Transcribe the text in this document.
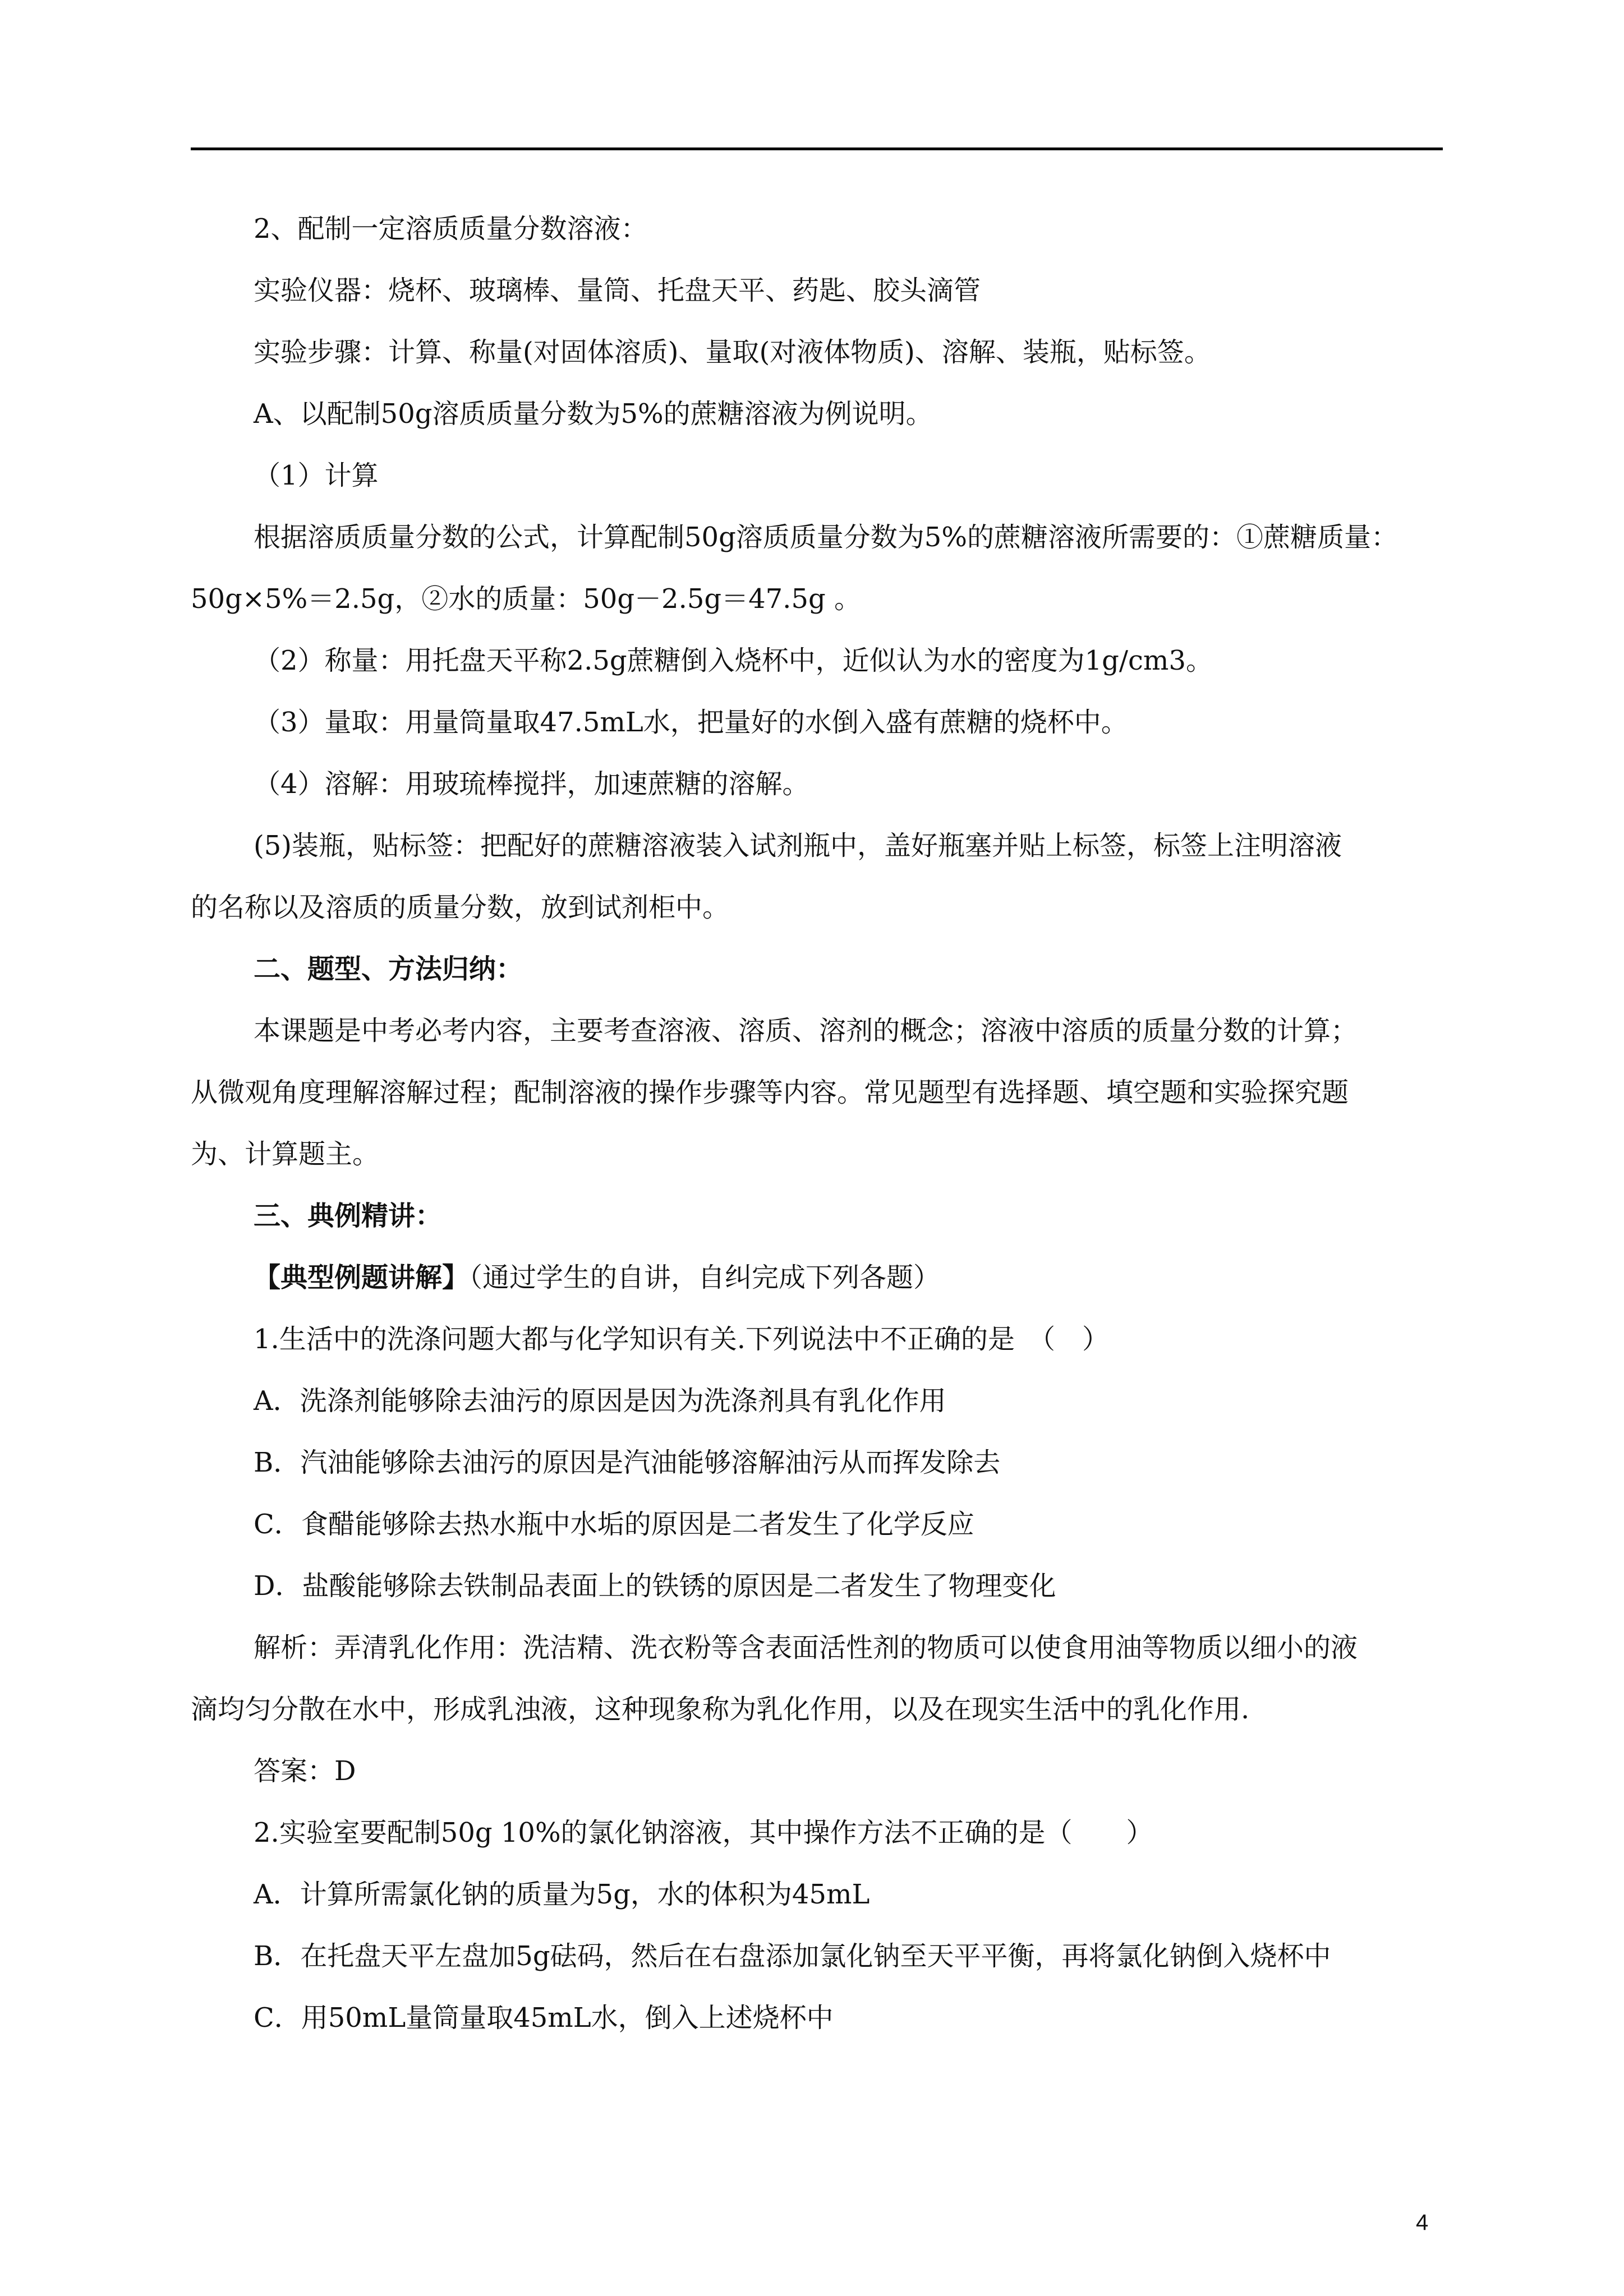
2、配制一定溶质质量分数溶液：
实验仪器：烧杯、玻璃棒、量筒、托盘天平、药匙、胶头滴管
实验步骤：计算、称量(对固体溶质)、量取(对液体物质)、溶解、装瓶，贴标签。
A、以配制50g溶质质量分数为5%的蔗糖溶液为例说明。
（1）计算
根据溶质质量分数的公式，计算配制50g溶质质量分数为5%的蔗糖溶液所需要的：①蔗糖质量：
50g×5%＝2.5g，②水的质量：50g－2.5g＝47.5g 。
（2）称量：用托盘天平称2.5g蔗糖倒入烧杯中，近似认为水的密度为1g/cm3。
（3）量取：用量筒量取47.5mL水，把量好的水倒入盛有蔗糖的烧杯中。
（4）溶解：用玻琉棒搅拌，加速蔗糖的溶解。
(5)装瓶，贴标签：把配好的蔗糖溶液装入试剂瓶中，盖好瓶塞并贴上标签，标签上注明溶液
的名称以及溶质的质量分数，放到试剂柜中。
二、题型、方法归纳：
本课题是中考必考内容，主要考查溶液、溶质、溶剂的概念；溶液中溶质的质量分数的计算；
从微观角度理解溶解过程；配制溶液的操作步骤等内容。常见题型有选择题、填空题和实验探究题
为、计算题主。
三、典例精讲：
【典型例题讲解】（通过学生的自讲，自纠完成下列各题）
1.生活中的洗涤问题大都与化学知识有关.下列说法中不正确的是　（　）
A．洗涤剂能够除去油污的原因是因为洗涤剂具有乳化作用
B．汽油能够除去油污的原因是汽油能够溶解油污从而挥发除去
C．食醋能够除去热水瓶中水垢的原因是二者发生了化学反应
D．盐酸能够除去铁制品表面上的铁锈的原因是二者发生了物理变化
解析：弄清乳化作用：洗洁精、洗衣粉等含表面活性剂的物质可以使食用油等物质以细小的液
滴均匀分散在水中，形成乳浊液，这种现象称为乳化作用，以及在现实生活中的乳化作用.
答案：D
2.实验室要配制50g 10%的氯化钠溶液，其中操作方法不正确的是（　　）
A．计算所需氯化钠的质量为5g，水的体积为45mL
B．在托盘天平左盘加5g砝码，然后在右盘添加氯化钠至天平平衡，再将氯化钠倒入烧杯中
C．用50mL量筒量取45mL水，倒入上述烧杯中
4
